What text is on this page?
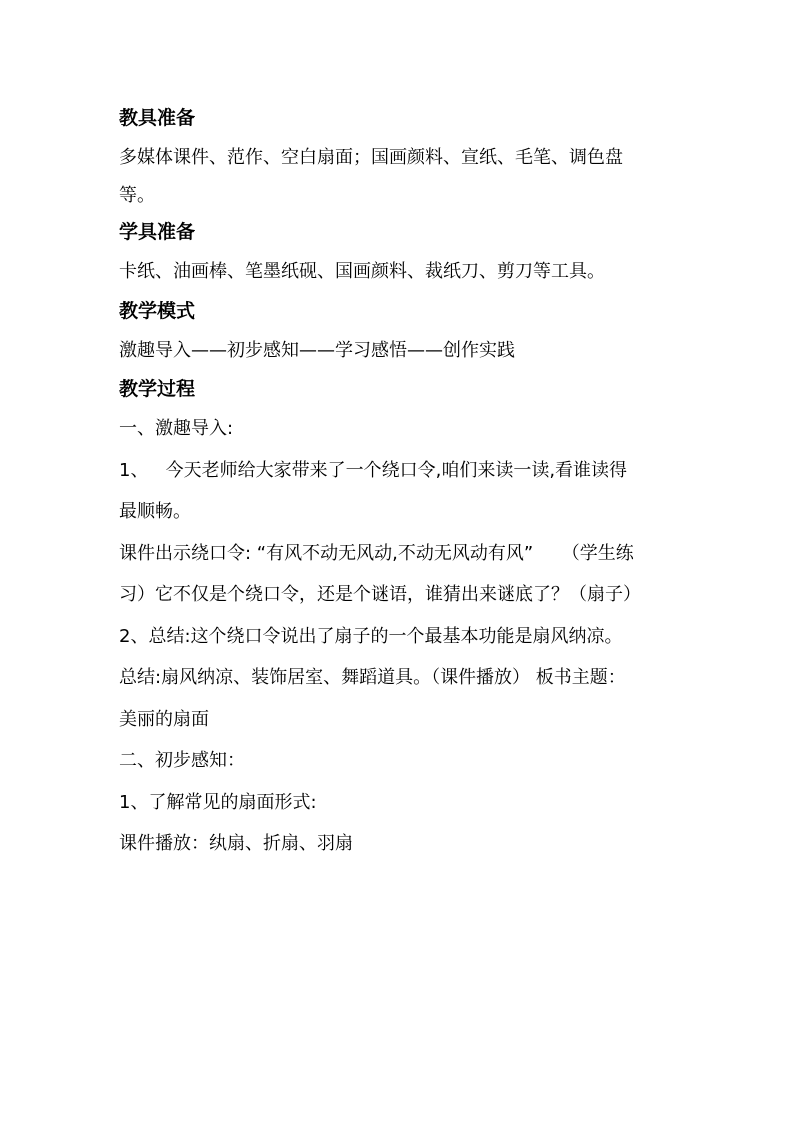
教具准备
多媒体课件、范作、空白扇面；国画颜料、宣纸、毛笔、调色盘
等。
学具准备
卡纸、油画棒、笔墨纸砚、国画颜料、裁纸刀、剪刀等工具。
教学模式
激趣导入——初步感知——学习感悟——创作实践
教学过程
一、激趣导入:
1、   今天老师给大家带来了一个绕口令,咱们来读一读,看谁读得
最顺畅。
课件出示绕口令: “有风不动无风动,不动无风动有风”     （学生练
习）它不仅是个绕口令，还是个谜语，谁猜出来谜底了？（扇子）
2、总结:这个绕口令说出了扇子的一个最基本功能是扇风纳凉。
总结:扇风纳凉、装饰居室、舞蹈道具。（课件播放） 板书主题：
美丽的扇面
二、初步感知：
1、了解常见的扇面形式:
课件播放：纨扇、折扇、羽扇
